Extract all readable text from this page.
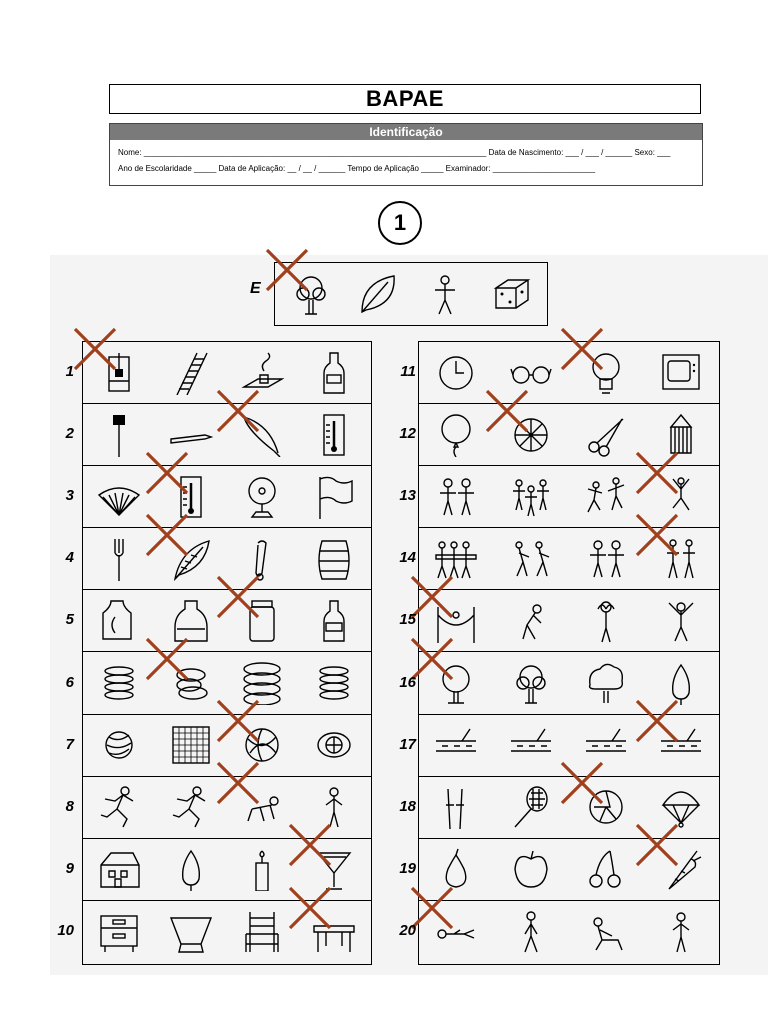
BAPAE
Identificação
Nome: _____________________________________________________________________________ Data de Nascimento: ___ / ___ / ______ Sexo: ___
Ano de Escolaridade _____ Data de Aplicação: __ / __ / ______ Tempo de Aplicação _____ Examinador: _______________________
1
E
1
2
3
4
5
6
7
8
9
10
11
12
13
14
15
16
17
18
19
20
